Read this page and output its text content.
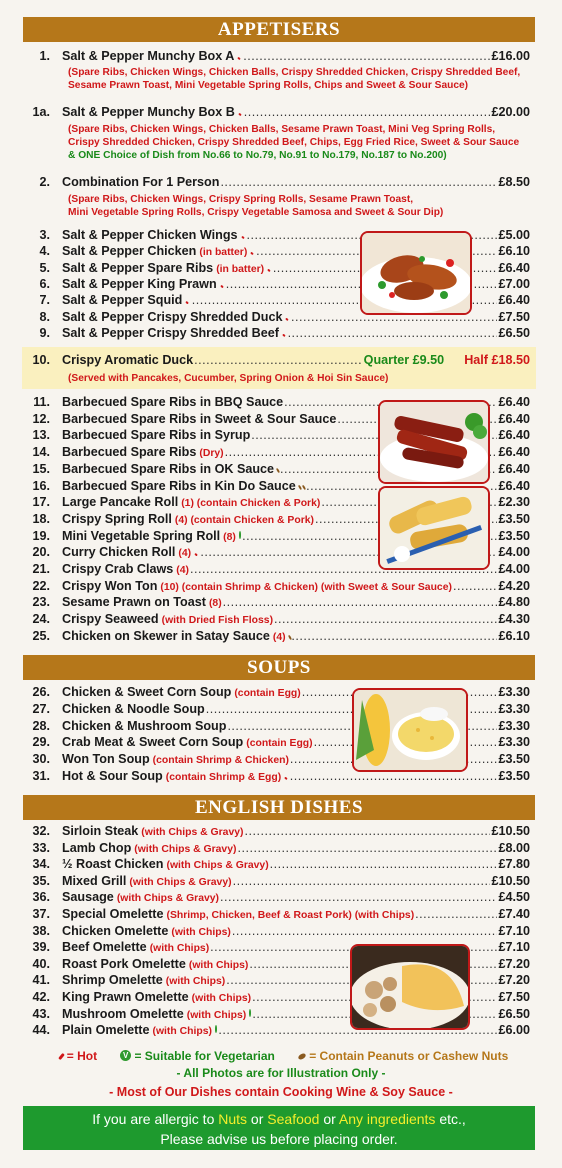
APPETISERS
1. Salt & Pepper Munchy Box A .....	£16.00
(Spare Ribs, Chicken Wings, Chicken Balls, Crispy Shredded Chicken, Crispy Shredded Beef,
Sesame Prawn Toast, Mini Vegetable Spring Rolls, Chips and Sweet & Sour Sauce)
1a. Salt & Pepper Munchy Box B .....	£20.00
(Spare Ribs, Chicken Wings, Chicken Balls, Sesame Prawn Toast, Mini Veg Spring Rolls,
Crispy Shredded Chicken, Crispy Shredded Beef, Chips, Egg Fried Rice, Sweet & Sour Sauce
& ONE Choice of Dish from No.66 to No.79, No.91 to No.179, No.187 to No.200)
2. Combination For 1 Person .....	£8.50
(Spare Ribs, Chicken Wings, Crispy Spring Rolls, Sesame Prawn Toast,
Mini Vegetable Spring Rolls, Crispy Vegetable Samosa and Sweet & Sour Dip)
3. Salt & Pepper Chicken Wings .....	£5.00
4. Salt & Pepper Chicken (in batter) .....	£6.10
5. Salt & Pepper Spare Ribs (in batter) .....	£6.40
6. Salt & Pepper King Prawn .....	£7.00
7. Salt & Pepper Squid .....	£6.40
8. Salt & Pepper Crispy Shredded Duck .....	£7.50
9. Salt & Pepper Crispy Shredded Beef .....	£6.50
10. Crispy Aromatic Duck .....	Quarter £9.50 Half £18.50
(Served with Pancakes, Cucumber, Spring Onion & Hoi Sin Sauce)
11. Barbecued Spare Ribs in BBQ Sauce .....	£6.40
12. Barbecued Spare Ribs in Sweet & Sour Sauce .....	£6.40
13. Barbecued Spare Ribs in Syrup .....	£6.40
14. Barbecued Spare Ribs (Dry) .....	£6.40
15. Barbecued Spare Ribs in OK Sauce .....	£6.40
16. Barbecued Spare Ribs in Kin Do Sauce .....	£6.40
17. Large Pancake Roll (1) (contain Chicken & Pork) .....	£2.30
18. Crispy Spring Roll (4) (contain Chicken & Pork) .....	£3.50
19. Mini Vegetable Spring Roll (8) .....	£3.50
20. Curry Chicken Roll (4) .....	£4.00
21. Crispy Crab Claws (4) .....	£4.00
22. Crispy Won Ton (10) (contain Shrimp & Chicken) (with Sweet & Sour Sauce) .....	£4.20
23. Sesame Prawn on Toast (8) .....	£4.80
24. Crispy Seaweed (with Dried Fish Floss) .....	£4.30
25. Chicken on Skewer in Satay Sauce (4) .....	£6.10
SOUPS
26. Chicken & Sweet Corn Soup (contain Egg) .....	£3.30
27. Chicken & Noodle Soup .....	£3.30
28. Chicken & Mushroom Soup .....	£3.30
29. Crab Meat & Sweet Corn Soup (contain Egg) .....	£3.30
30. Won Ton Soup (contain Shrimp & Chicken) .....	£3.50
31. Hot & Sour Soup (contain Shrimp & Egg) .....	£3.50
ENGLISH DISHES
32. Sirloin Steak (with Chips & Gravy) .....	£10.50
33. Lamb Chop (with Chips & Gravy) .....	£8.00
34. ½ Roast Chicken (with Chips & Gravy) .....	£7.80
35. Mixed Grill (with Chips & Gravy) .....	£10.50
36. Sausage (with Chips & Gravy) .....	£4.50
37. Special Omelette (Shrimp, Chicken, Beef & Roast Pork) (with Chips) .....	£7.40
38. Chicken Omelette (with Chips) .....	£7.10
39. Beef Omelette (with Chips) .....	£7.10
40. Roast Pork Omelette (with Chips) .....	£7.20
41. Shrimp Omelette (with Chips) .....	£7.20
42. King Prawn Omelette (with Chips) .....	£7.50
43. Mushroom Omelette (with Chips) .....	£6.50
44. Plain Omelette (with Chips) .....	£6.00
= Hot	V = Suitable for Vegetarian	= Contain Peanuts or Cashew Nuts
- All Photos are for Illustration Only -
- Most of Our Dishes contain Cooking Wine & Soy Sauce -
If you are allergic to Nuts or Seafood or Any ingredients etc.,
Please advise us before placing order.
